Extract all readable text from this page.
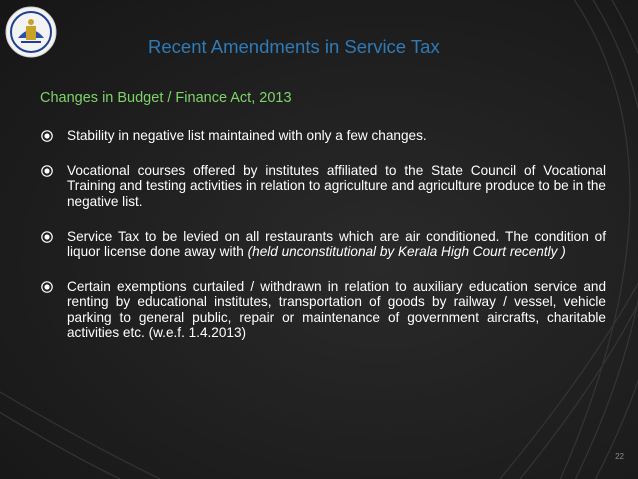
Recent Amendments in Service Tax
Changes in Budget / Finance Act, 2013
Stability in negative list maintained with only a few changes.
Vocational courses offered by institutes affiliated to the State Council of Vocational Training and testing activities in relation to agriculture and agriculture produce to be in the negative list.
Service Tax to be levied on all restaurants which are air conditioned. The condition of liquor license done away with (held unconstitutional by Kerala High Court recently )
Certain exemptions curtailed / withdrawn in relation to auxiliary education service and renting by educational institutes, transportation of goods by railway / vessel, vehicle parking to general public, repair or maintenance of government aircrafts, charitable activities etc. (w.e.f. 1.4.2013)
22
